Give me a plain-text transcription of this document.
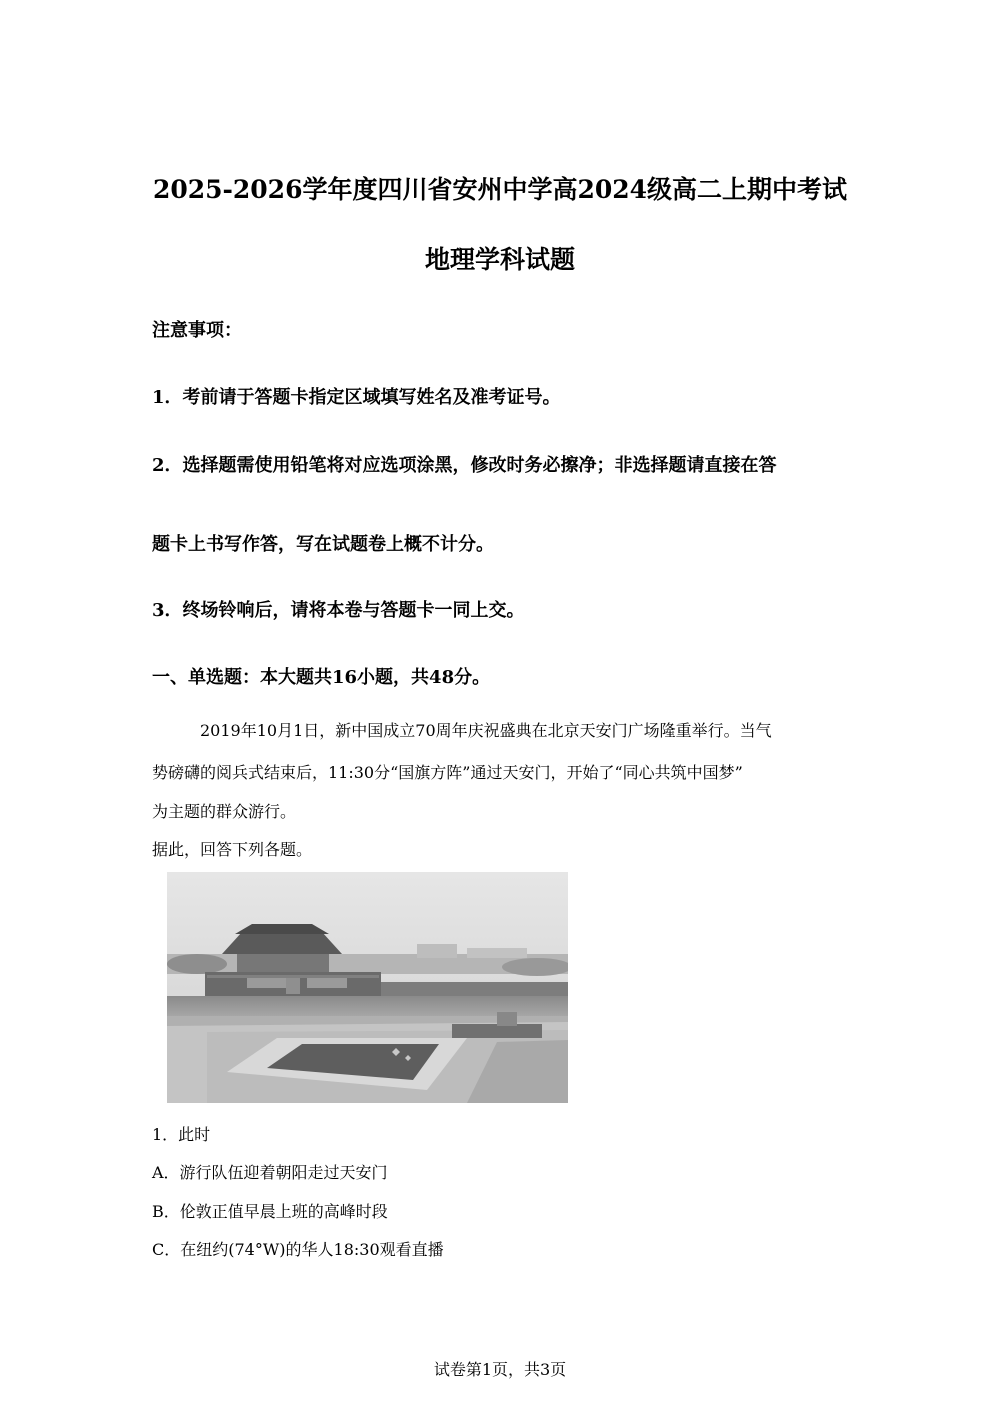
2025-2026学年度四川省安州中学高2024级高二上期中考试
地理学科试题
注意事项：
1．考前请于答题卡指定区域填写姓名及准考证号。
2．选择题需使用铅笔将对应选项涂黑，修改时务必擦净；非选择题请直接在答
题卡上书写作答，写在试题卷上概不计分。
3．终场铃响后，请将本卷与答题卡一同上交。
一、单选题：本大题共16小题，共48分。
2019年10月1日，新中国成立70周年庆祝盛典在北京天安门广场隆重举行。当气
势磅礴的阅兵式结束后，11:30分“国旗方阵”通过天安门，开始了“同心共筑中国梦”
为主题的群众游行。
据此，回答下列各题。
1．此时
A．游行队伍迎着朝阳走过天安门
B．伦敦正值早晨上班的高峰时段
C．在纽约(74°W)的华人18:30观看直播
试卷第1页，共3页
